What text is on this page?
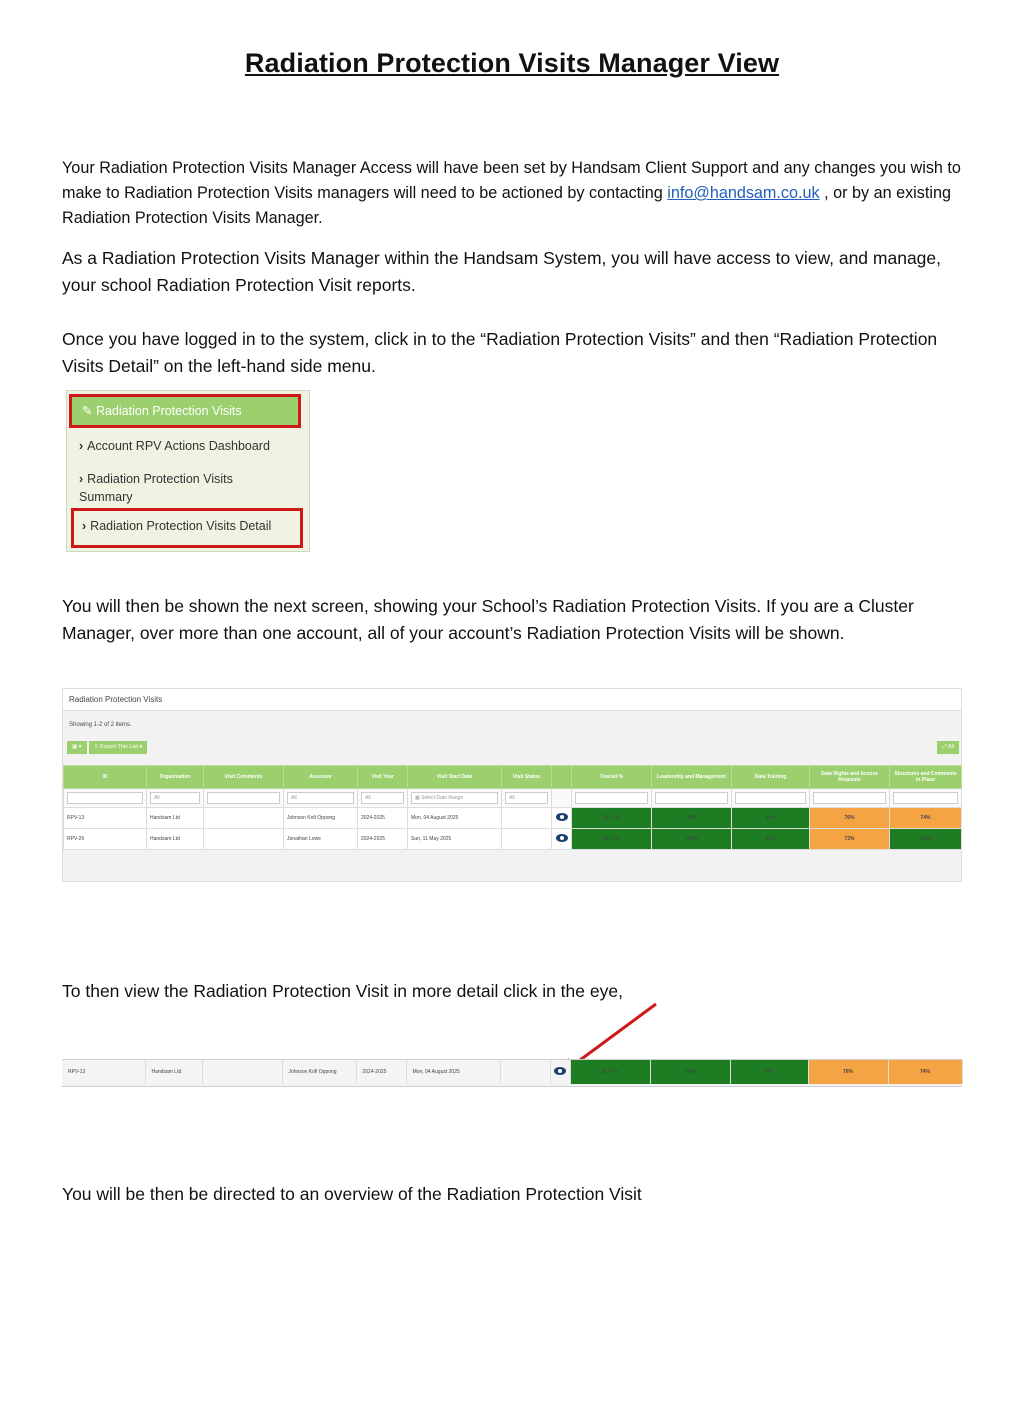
Radiation Protection Visits Manager View
Your Radiation Protection Visits Manager Access will have been set by Handsam Client Support and any changes you wish to make to Radiation Protection Visits managers will need to be actioned by contacting info@handsam.co.uk , or by an existing Radiation Protection Visits Manager.
As a Radiation Protection Visits Manager within the Handsam System, you will have access to view, and manage, your school Radiation Protection Visit reports.
Once you have logged in to the system, click in to the “Radiation Protection Visits” and then “Radiation Protection Visits Detail” on the left-hand side menu.
✎ Radiation Protection Visits
› Account RPV Actions Dashboard
› Radiation Protection Visits Summary
› Radiation Protection Visits Detail
You will then be shown the next screen, showing your School’s Radiation Protection Visits. If you are a Cluster Manager, over more than one account, all of your account’s Radiation Protection Visits will be shown.
Radiation Protection Visits
Showing 1-2 of 2 items.
▦ ▾	⇩ Export This List ▾	⤢ All
ID	Organisation	Visit Comments	Assessor	Visit Year	Visit Start Date	Visit Status		Overall %	Leadership and Management	Data Training	Data Rights and Access Requests	Structures and Comments in Place

	All		All	All	▦ Select Date Range	All						

RPV-13	Handsam Ltd		Johnson Kofi Oppong	2024-2025	Mon, 04 August 2025			82.24%	100%	94%	76%	74%
RPV-26	Handsam Ltd		Jonathan Lowe	2024-2025	Sun, 11 May 2025			88.27%	100%	93%	73%	100%
To then view the Radiation Protection Visit in more detail click in the eye,
RPV-13	Handsam Ltd		Johnson Kofi Oppong	2024-2025	Mon, 04 August 2025			82.24%	100%	94%	76%	74%
You will be then be directed to an overview of the Radiation Protection Visit
